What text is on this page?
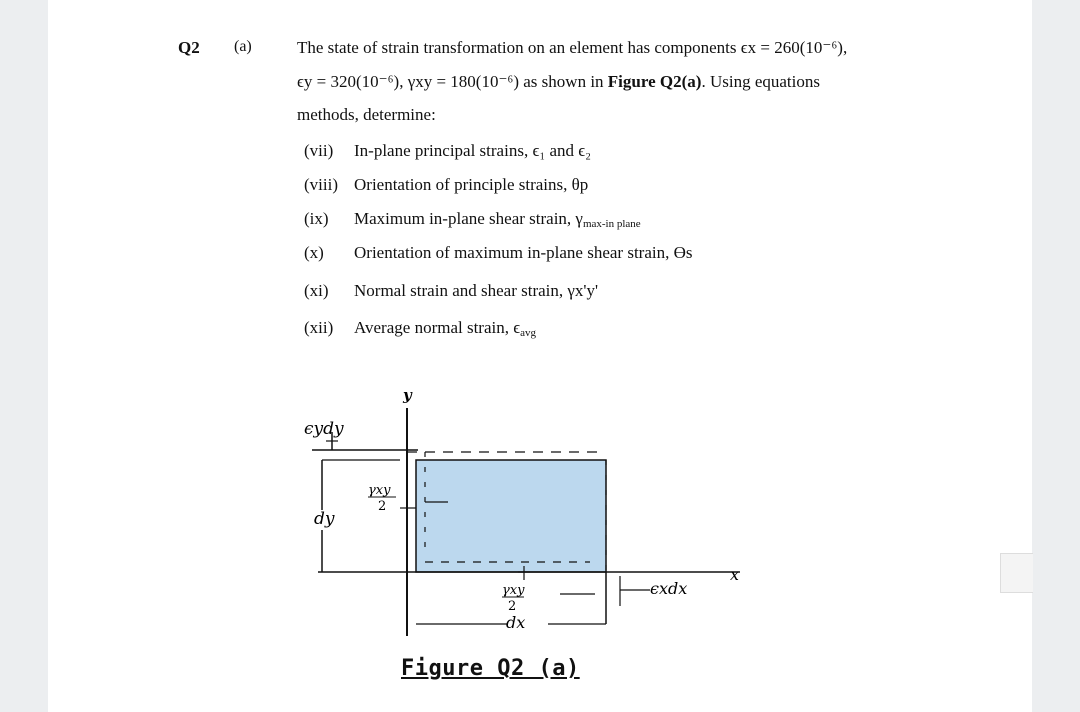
Q2 (a)	The state of strain transformation on an element has components ϵx = 260(10⁻⁶),
ϵy = 320(10⁻⁶), γxy = 180(10⁻⁶) as shown in Figure Q2(a). Using equations
methods, determine:
(vii) In-plane principal strains, ϵ₁ and ϵ₂
(viii) Orientation of principle strains, θp
(ix) Maximum in-plane shear strain, $\gamma_{max-in plane}$
(x) Orientation of maximum in-plane shear strain, ϴs
(xi) Normal strain and shear strain, γx'y'
(xii) Average normal strain, $\epsilon_{avg}$
y
x
ϵydy
dy
dx
ϵxdx
γxy
2
γxy
2
Figure Q2 (a)
